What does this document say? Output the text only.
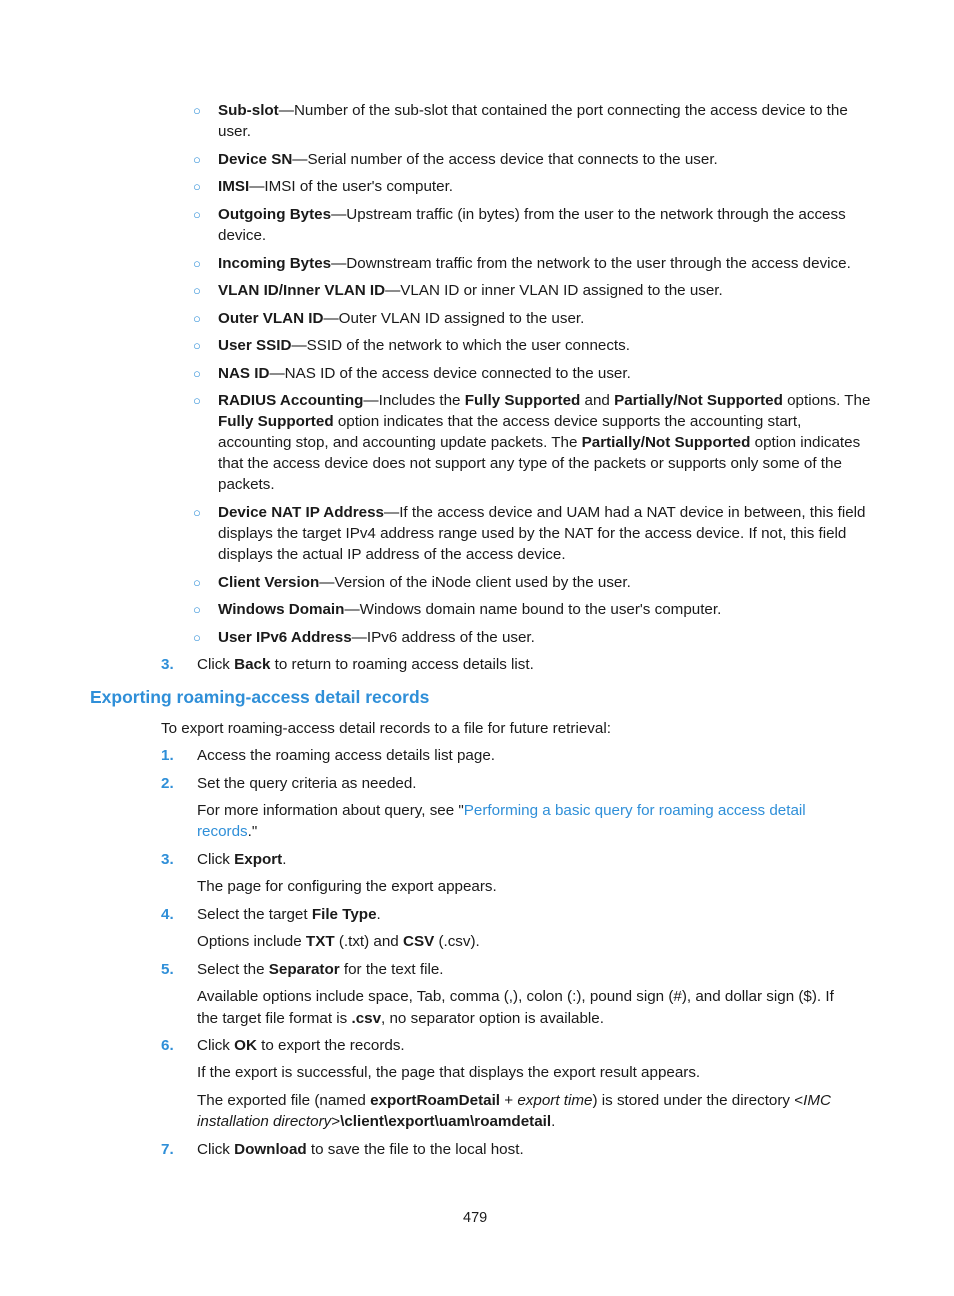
○ Sub-slot—Number of the sub-slot that contained the port connecting the access device to the
user.
○ Device SN—Serial number of the access device that connects to the user.
○ IMSI—IMSI of the user's computer.
○ Outgoing Bytes—Upstream traffic (in bytes) from the user to the network through the access
device.
○ Incoming Bytes—Downstream traffic from the network to the user through the access device.
○ VLAN ID/Inner VLAN ID—VLAN ID or inner VLAN ID assigned to the user.
○ Outer VLAN ID—Outer VLAN ID assigned to the user.
○ User SSID—SSID of the network to which the user connects.
○ NAS ID—NAS ID of the access device connected to the user.
○ RADIUS Accounting—Includes the Fully Supported and Partially/Not Supported options. The
Fully Supported option indicates that the access device supports the accounting start,
accounting stop, and accounting update packets. The Partially/Not Supported option indicates
that the access device does not support any type of the packets or supports only some of the
packets.
○ Device NAT IP Address—If the access device and UAM had a NAT device in between, this field
displays the target IPv4 address range used by the NAT for the access device. If not, this field
displays the actual IP address of the access device.
○ Client Version—Version of the iNode client used by the user.
○ Windows Domain—Windows domain name bound to the user's computer.
○ User IPv6 Address—IPv6 address of the user.
3. Click Back to return to roaming access details list.
Exporting roaming-access detail records
To export roaming-access detail records to a file for future retrieval:
1. Access the roaming access details list page.
2. Set the query criteria as needed.
For more information about query, see "Performing a basic query for roaming access detail
records."
3. Click Export.
The page for configuring the export appears.
4. Select the target File Type.
Options include TXT (.txt) and CSV (.csv).
5. Select the Separator for the text file.
Available options include space, Tab, comma (,), colon (:), pound sign (#), and dollar sign ($). If
the target file format is .csv, no separator option is available.
6. Click OK to export the records.
If the export is successful, the page that displays the export result appears.
The exported file (named exportRoamDetail + export time) is stored under the directory <IMC
installation directory>\client\export\uam\roamdetail.
7. Click Download to save the file to the local host.
479
